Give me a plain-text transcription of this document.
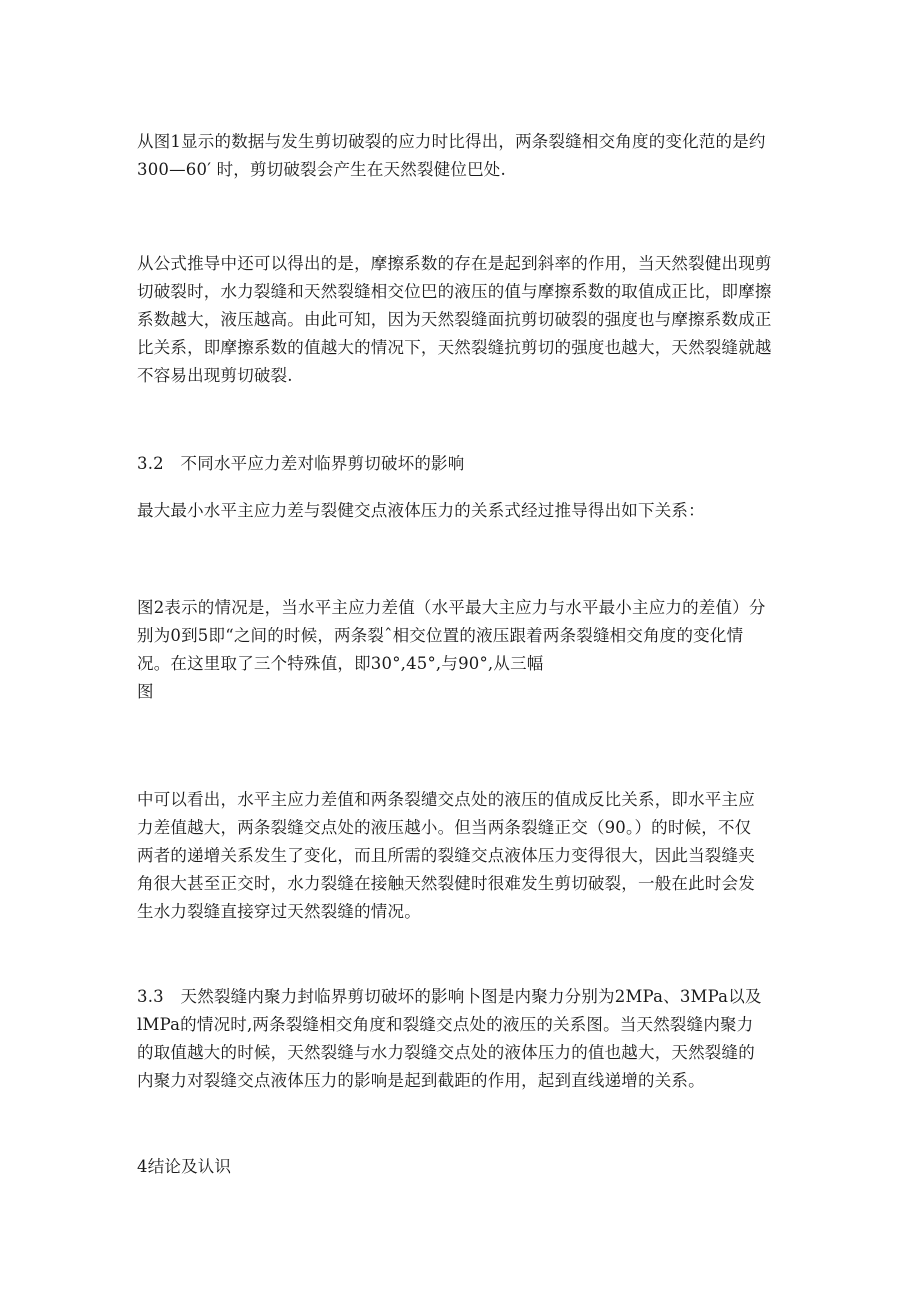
从图1显示的数据与发生剪切破裂的应力时比得出，两条裂缝相交角度的变化范的是约
300—60′ 时，剪切破裂会产生在天然裂健位巴处.

从公式推导中还可以得出的是，摩擦系数的存在是起到斜率的作用，当天然裂健出现剪
切破裂时，水力裂缝和天然裂缝相交位巴的液压的值与摩擦系数的取值成正比，即摩擦
系数越大，液压越高。由此可知，因为天然裂缝面抗剪切破裂的强度也与摩擦系数成正
比关系，即摩擦系数的值越大的情况下，天然裂缝抗剪切的强度也越大，天然裂缝就越
不容易出现剪切破裂.

3.2　不同水平应力差对临界剪切破坏的影响

最大最小水平主应力差与裂健交点液体压力的关系式经过推导得出如下关系：

图2表示的情况是，当水平主应力差值（水平最大主应力与水平最小主应力的差值）分
别为0到5即“之间的时候，两条裂ˆ相交位置的液压跟着两条裂缝相交角度的变化情
况。在这里取了三个特殊值，即30°,45°,与90°,从三幅
图

中可以看出，水平主应力差值和两条裂缱交点处的液压的值成反比关系，即水平主应
力差值越大，两条裂缝交点处的液压越小。但当两条裂缝正交（90。）的时候，不仅
两者的递增关系发生了变化，而且所需的裂缝交点液体压力变得很大，因此当裂缝夹
角很大甚至正交时，水力裂缝在接触天然裂健时很难发生剪切破裂，一般在此时会发
生水力裂缝直接穿过天然裂缝的情况。

3.3　天然裂缝内聚力封临界剪切破坏的影响卜图是内聚力分别为2MPa、3MPa以及
lMPa的情况时,两条裂缝相交角度和裂缝交点处的液压的关系图。当天然裂缝内聚力
的取值越大的时候，天然裂缝与水力裂缝交点处的液体压力的值也越大，天然裂缝的
内聚力对裂缝交点液体压力的影响是起到截距的作用，起到直线递增的关系。

4结论及认识
